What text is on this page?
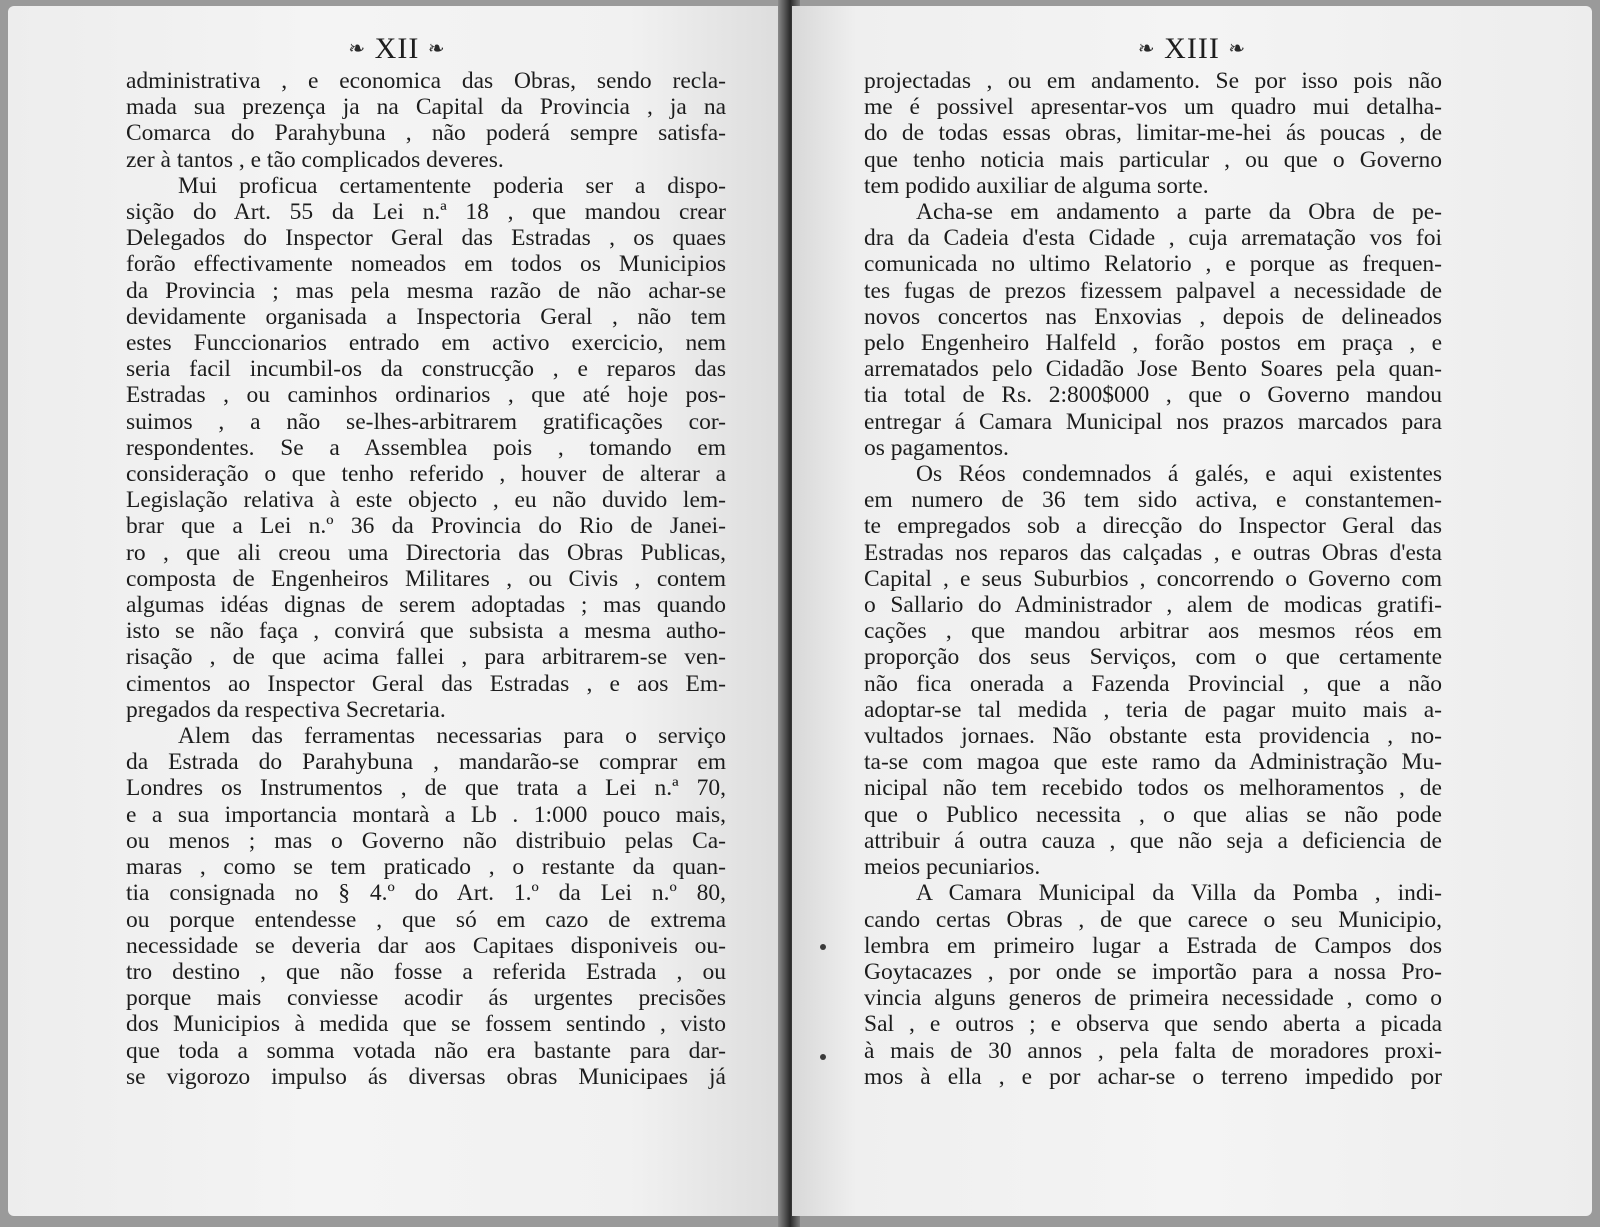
❧ XII ❧
administrativa , e economica das Obras, sendo recla-
mada sua prezença ja na Capital da Provincia , ja na
Comarca do Parahybuna , não poderá sempre satisfa-
zer à tantos , e tão complicados deveres.
Mui proficua certamentente poderia ser a dispo-
sição do Art. 55 da Lei n.ª 18 , que mandou crear
Delegados do Inspector Geral das Estradas , os quaes
forão effectivamente nomeados em todos os Municipios
da Provincia ; mas pela mesma razão de não achar-se
devidamente organisada a Inspectoria Geral , não tem
estes Funccionarios entrado em activo exercicio, nem
seria facil incumbil-os da construcção , e reparos das
Estradas , ou caminhos ordinarios , que até hoje pos-
suimos , a não se-lhes-arbitrarem gratificações cor-
respondentes. Se a Assemblea pois , tomando em
consideração o que tenho referido , houver de alterar a
Legislação relativa à este objecto , eu não duvido lem-
brar que a Lei n.º 36 da Provincia do Rio de Janei-
ro , que ali creou uma Directoria das Obras Publicas,
composta de Engenheiros Militares , ou Civis , contem
algumas idéas dignas de serem adoptadas ; mas quando
isto se não faça , convirá que subsista a mesma autho-
risação , de que acima fallei , para arbitrarem-se ven-
cimentos ao Inspector Geral das Estradas , e aos Em-
pregados da respectiva Secretaria.
Alem das ferramentas necessarias para o serviço
da Estrada do Parahybuna , mandarão-se comprar em
Londres os Instrumentos , de que trata a Lei n.ª 70,
e a sua importancia montarà a Lb . 1:000 pouco mais,
ou menos ; mas o Governo não distribuio pelas Ca-
maras , como se tem praticado , o restante da quan-
tia consignada no § 4.º do Art. 1.º da Lei n.º 80,
ou porque entendesse , que só em cazo de extrema
necessidade se deveria dar aos Capitaes disponiveis ou-
tro destino , que não fosse a referida Estrada , ou
porque mais conviesse acodir ás urgentes precisões
dos Municipios à medida que se fossem sentindo , visto
que toda a somma votada não era bastante para dar-
se vigorozo impulso ás diversas obras Municipaes já
❧ XIII ❧
projectadas , ou em andamento. Se por isso pois não
me é possivel apresentar-vos um quadro mui detalha-
do de todas essas obras, limitar-me-hei ás poucas , de
que tenho noticia mais particular , ou que o Governo
tem podido auxiliar de alguma sorte.
Acha-se em andamento a parte da Obra de pe-
dra da Cadeia d'esta Cidade , cuja arrematação vos foi
comunicada no ultimo Relatorio , e porque as frequen-
tes fugas de prezos fizessem palpavel a necessidade de
novos concertos nas Enxovias , depois de delineados
pelo Engenheiro Halfeld , forão postos em praça , e
arrematados pelo Cidadão Jose Bento Soares pela quan-
tia total de Rs. 2:800$000 , que o Governo mandou
entregar á Camara Municipal nos prazos marcados para
os pagamentos.
Os Réos condemnados á galés, e aqui existentes
em numero de 36 tem sido activa, e constantemen-
te empregados sob a direcção do Inspector Geral das
Estradas nos reparos das calçadas , e outras Obras d'esta
Capital , e seus Suburbios , concorrendo o Governo com
o Sallario do Administrador , alem de modicas gratifi-
cações , que mandou arbitrar aos mesmos réos em
proporção dos seus Serviços, com o que certamente
não fica onerada a Fazenda Provincial , que a não
adoptar-se tal medida , teria de pagar muito mais a-
vultados jornaes. Não obstante esta providencia , no-
ta-se com magoa que este ramo da Administração Mu-
nicipal não tem recebido todos os melhoramentos , de
que o Publico necessita , o que alias se não pode
attribuir á outra cauza , que não seja a deficiencia de
meios pecuniarios.
A Camara Municipal da Villa da Pomba , indi-
cando certas Obras , de que carece o seu Municipio,
lembra em primeiro lugar a Estrada de Campos dos
Goytacazes , por onde se importão para a nossa Pro-
vincia alguns generos de primeira necessidade , como o
Sal , e outros ; e observa que sendo aberta a picada
à mais de 30 annos , pela falta de moradores proxi-
mos à ella , e por achar-se o terreno impedido por
